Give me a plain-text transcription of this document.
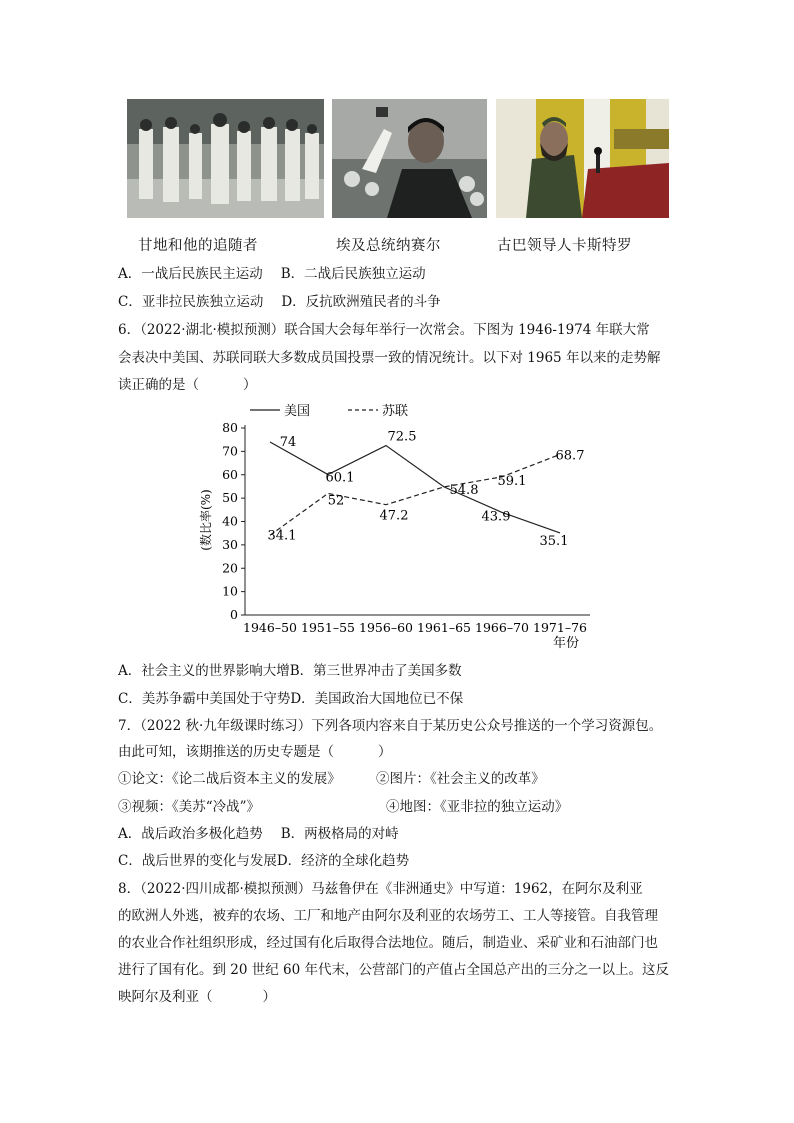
甘地和他的追随者	埃及总统纳赛尔	古巴领导人卡斯特罗
A．一战后民族民主运动 B．二战后民族独立运动
C．亚非拉民族独立运动 D．反抗欧洲殖民者的斗争
6．（2022·湖北·模拟预测）联合国大会每年举行一次常会。下图为 1946-1974 年联大常
会表决中美国、苏联同联大多数成员国投票一致的情况统计。以下对 1965 年以来的走势解
读正确的是（	）
美国	苏联
(数比率(%)
0
10
20
30
40
50
60
70
80
1946–50 1951–55 1956–60 1961–65 1966–70 1971–76
74
60.1
72.5
54.8
43.9
35.1
34.1
52
47.2
59.1
68.7
年份
A．社会主义的世界影响大增B．第三世界冲击了美国多数
C．美苏争霸中美国处于守势D．美国政治大国地位已不保
7．（2022 秋·九年级课时练习）下列各项内容来自于某历史公众号推送的一个学习资源包。
由此可知，该期推送的历史专题是（	）
①论文：《论二战后资本主义的发展》	②图片：《社会主义的改革》
③视频：《美苏“冷战”》	④地图：《亚非拉的独立运动》
A．战后政治多极化趋势 B．两极格局的对峙
C．战后世界的变化与发展D．经济的全球化趋势
8．（2022·四川成都·模拟预测）马兹鲁伊在《非洲通史》中写道：1962，在阿尔及利亚
的欧洲人外逃，被弃的农场、工厂和地产由阿尔及利亚的农场劳工、工人等接管。自我管理
的农业合作社组织形成，经过国有化后取得合法地位。随后，制造业、采矿业和石油部门也
进行了国有化。到 20 世纪 60 年代末，公营部门的产值占全国总产出的三分之一以上。这反
映阿尔及利亚（	）
